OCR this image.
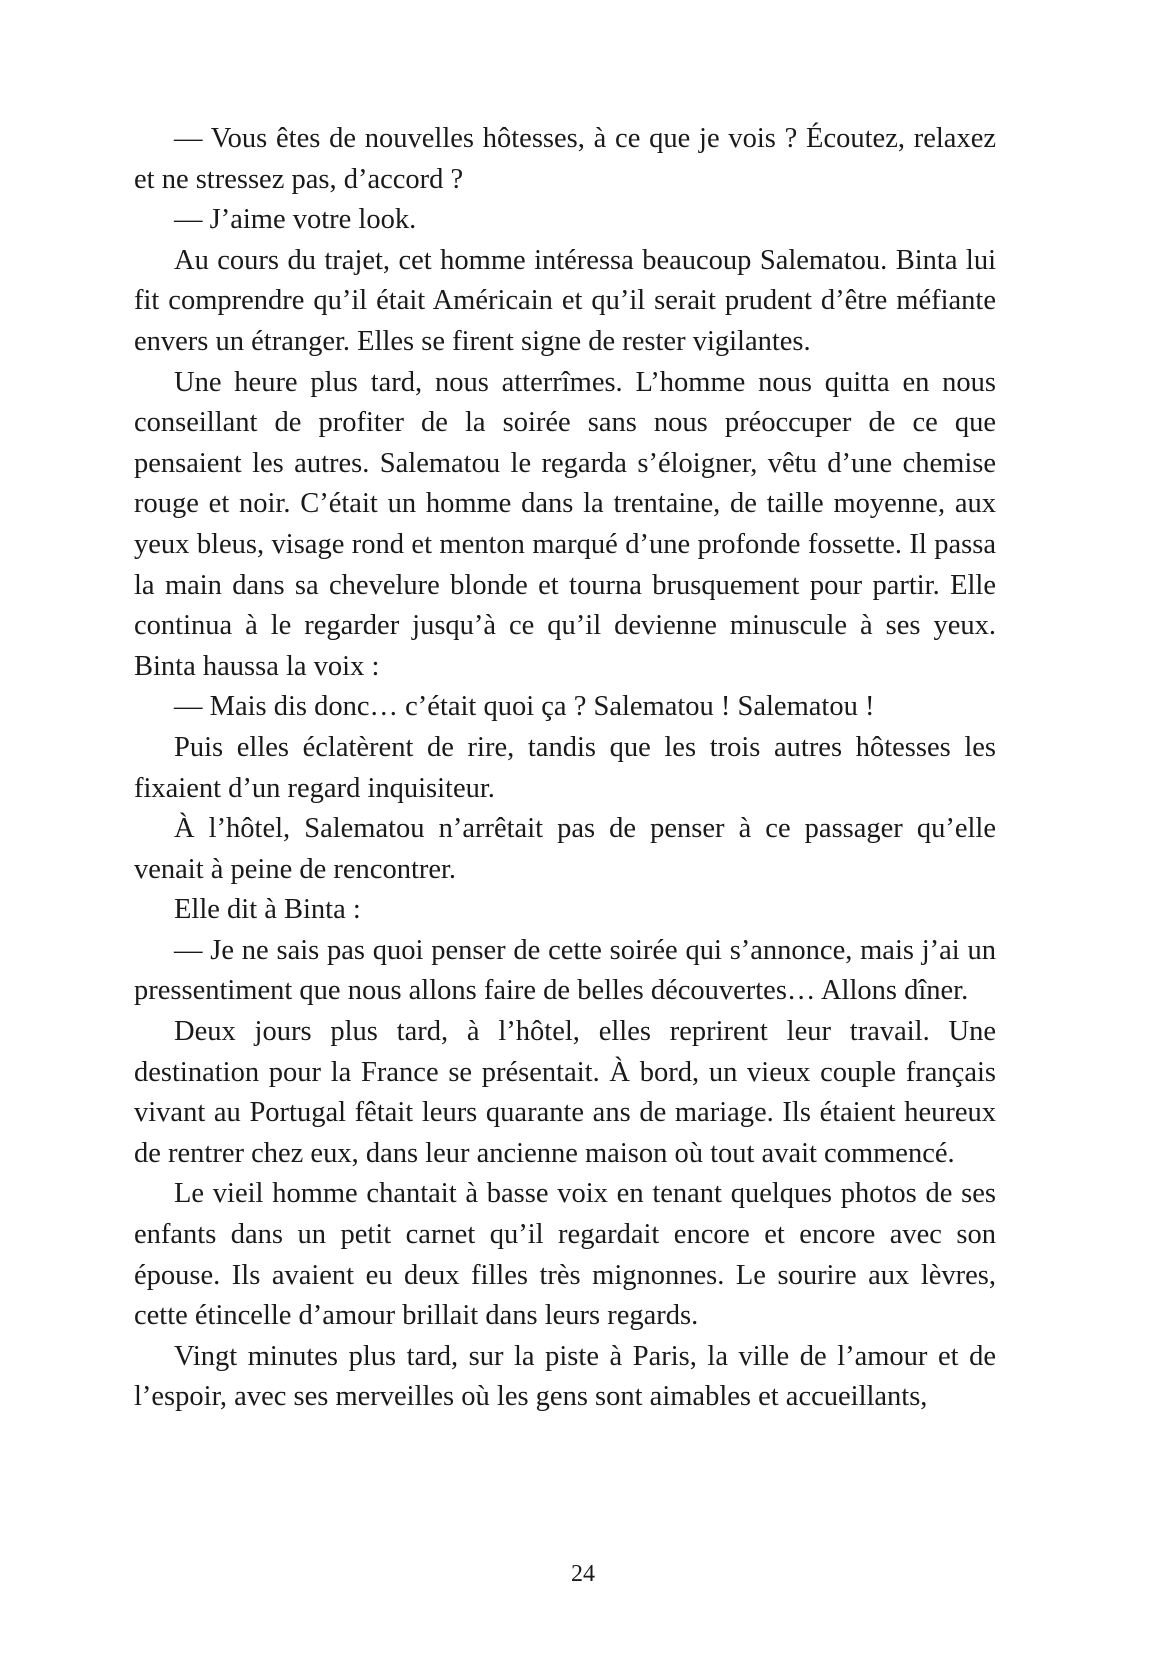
— Vous êtes de nouvelles hôtesses, à ce que je vois ? Écoutez, relaxez et ne stressez pas, d’accord ?

— J’aime votre look.

Au cours du trajet, cet homme intéressa beaucoup Salematou. Binta lui fit comprendre qu’il était Américain et qu’il serait prudent d’être méfiante envers un étranger. Elles se firent signe de rester vigilantes.

Une heure plus tard, nous atterrîmes. L’homme nous quitta en nous conseillant de profiter de la soirée sans nous préoccuper de ce que pensaient les autres. Salematou le regarda s’éloigner, vêtu d’une chemise rouge et noir. C’était un homme dans la trentaine, de taille moyenne, aux yeux bleus, visage rond et menton marqué d’une profonde fossette. Il passa la main dans sa chevelure blonde et tourna brusquement pour partir. Elle continua à le regarder jusqu’à ce qu’il devienne minuscule à ses yeux. Binta haussa la voix :

— Mais dis donc… c’était quoi ça ? Salematou ! Salematou !

Puis elles éclatèrent de rire, tandis que les trois autres hôtesses les fixaient d’un regard inquisiteur.

À l’hôtel, Salematou n’arrêtait pas de penser à ce passager qu’elle venait à peine de rencontrer.

Elle dit à Binta :

— Je ne sais pas quoi penser de cette soirée qui s’annonce, mais j’ai un pressentiment que nous allons faire de belles découvertes… Allons dîner.

Deux jours plus tard, à l’hôtel, elles reprirent leur travail. Une destination pour la France se présentait. À bord, un vieux couple français vivant au Portugal fêtait leurs quarante ans de mariage. Ils étaient heureux de rentrer chez eux, dans leur ancienne maison où tout avait commencé.

Le vieil homme chantait à basse voix en tenant quelques photos de ses enfants dans un petit carnet qu’il regardait encore et encore avec son épouse. Ils avaient eu deux filles très mignonnes. Le sourire aux lèvres, cette étincelle d’amour brillait dans leurs regards.

Vingt minutes plus tard, sur la piste à Paris, la ville de l’amour et de l’espoir, avec ses merveilles où les gens sont aimables et accueillants,

24
